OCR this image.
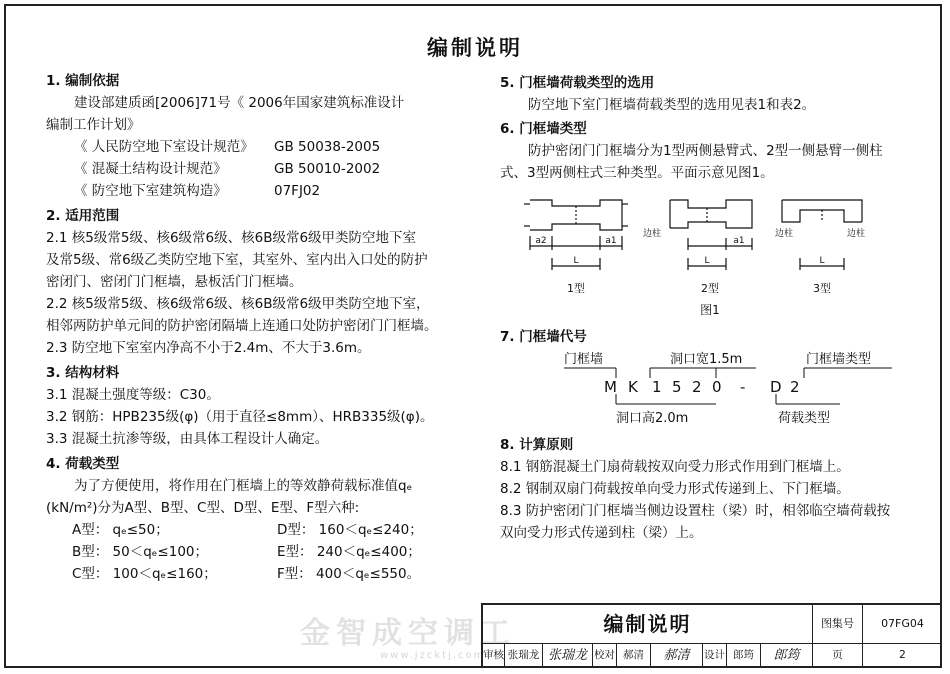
编制说明

1. 编制依据

建设部建质函[2006]71号《 2006年国家建筑标准设计

编制工作计划》

《 人民防空地下室设计规范》 GB 50038-2005

《 混凝土结构设计规范》	GB 50010-2002

《 防空地下室建筑构造》	07FJ02

2. 适用范围

2.1 核5级常5级、核6级常6级、核6B级常6级甲类防空地下室

及常5级、常6级乙类防空地下室，其室外、室内出入口处的防护

密闭门、密闭门门框墙，悬板活门门框墙。

2.2 核5级常5级、核6级常6级、核6B级常6级甲类防空地下室，

相邻两防护单元间的防护密闭隔墙上连通口处防护密闭门门框墙。

2.3 防空地下室室内净高不小于2.4m、不大于3.6m。

3. 结构材料

3.1 混凝土强度等级：C30。

3.2 钢筋：HPB235级(φ)（用于直径≤8mm）、HRB335级(φ)。

3.3 混凝土抗渗等级，由具体工程设计人确定。

4. 荷载类型

为了方便使用，将作用在门框墙上的等效静荷载标准值qₑ

(kN/m²)分为A型、B型、C型、D型、E型、F型六种:

A型： qₑ≤50；	D型： 160＜qₑ≤240；

B型： 50＜qₑ≤100；	E型： 240＜qₑ≤400；

C型： 100＜qₑ≤160；	F型： 400＜qₑ≤550。

5. 门框墙荷载类型的选用

防空地下室门框墙荷载类型的选用见表1和表2。

6. 门框墙类型

防护密闭门门框墙分为1型两侧悬臂式、2型一侧悬臂一侧柱

式、3型两侧柱式三种类型。平面示意见图1。

a2	a1
L
边柱
a1
L
边柱	边柱
L
1型	2型	3型
图1

7. 门框墙代号

门框墙	洞口宽1.5m	门框墙类型
洞口高2.0m	荷载类型
M K 1 5 2 0 - D 2

8. 计算原则

8.1 钢筋混凝土门扇荷载按双向受力形式作用到门框墙上。

8.2 钢制双扇门荷载按单向受力形式传递到上、下门框墙。

8.3 防护密闭门门框墙当侧边设置柱（梁）时，相邻临空墙荷载按

双向受力形式传递到柱（梁）上。

金智成空调工
www.jzcktj.com
编制说明	图集号	07FG04
审核 张瑞龙 张瑞龙 校对 郝清	郝清	设计 郎筠	郎筠	页	2
